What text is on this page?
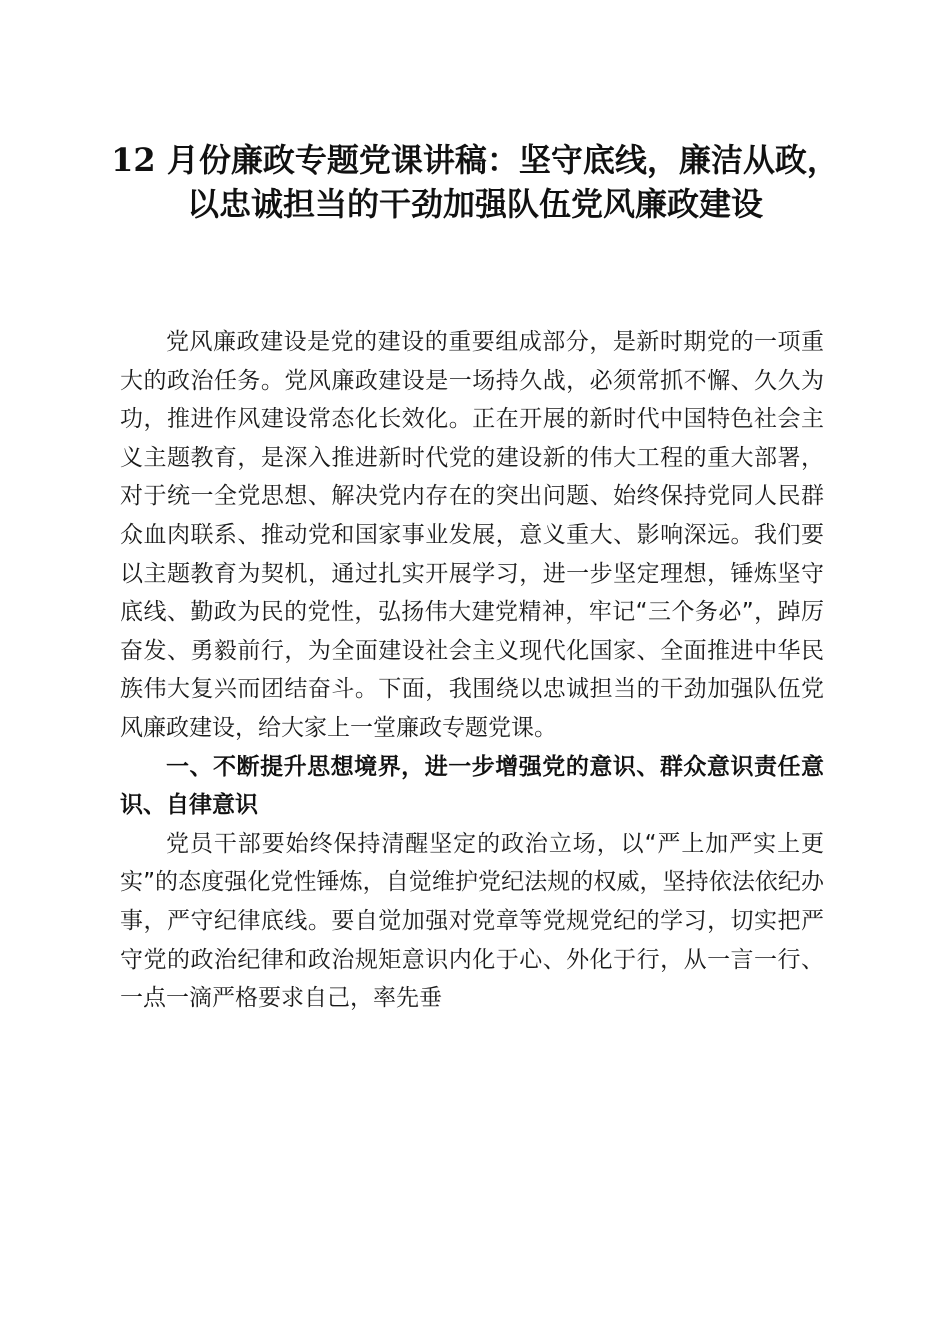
12 月份廉政专题党课讲稿：坚守底线，廉洁从政，以忠诚担当的干劲加强队伍党风廉政建设

党风廉政建设是党的建设的重要组成部分，是新时期党的一项重大的政治任务。党风廉政建设是一场持久战，必须常抓不懈、久久为功，推进作风建设常态化长效化。正在开展的新时代中国特色社会主义主题教育，是深入推进新时代党的建设新的伟大工程的重大部署，对于统一全党思想、解决党内存在的突出问题、始终保持党同人民群众血肉联系、推动党和国家事业发展，意义重大、影响深远。我们要以主题教育为契机，通过扎实开展学习，进一步坚定理想，锤炼坚守底线、勤政为民的党性，弘扬伟大建党精神，牢记“三个务必”，踔厉奋发、勇毅前行，为全面建设社会主义现代化国家、全面推进中华民族伟大复兴而团结奋斗。下面，我围绕以忠诚担当的干劲加强队伍党风廉政建设，给大家上一堂廉政专题党课。

一、不断提升思想境界，进一步增强党的意识、群众意识责任意识、自律意识

党员干部要始终保持清醒坚定的政治立场，以“严上加严实上更实”的态度强化党性锤炼，自觉维护党纪法规的权威，坚持依法依纪办事，严守纪律底线。要自觉加强对党章等党规党纪的学习，切实把严守党的政治纪律和政治规矩意识内化于心、外化于行，从一言一行、一点一滴严格要求自己，率先垂
